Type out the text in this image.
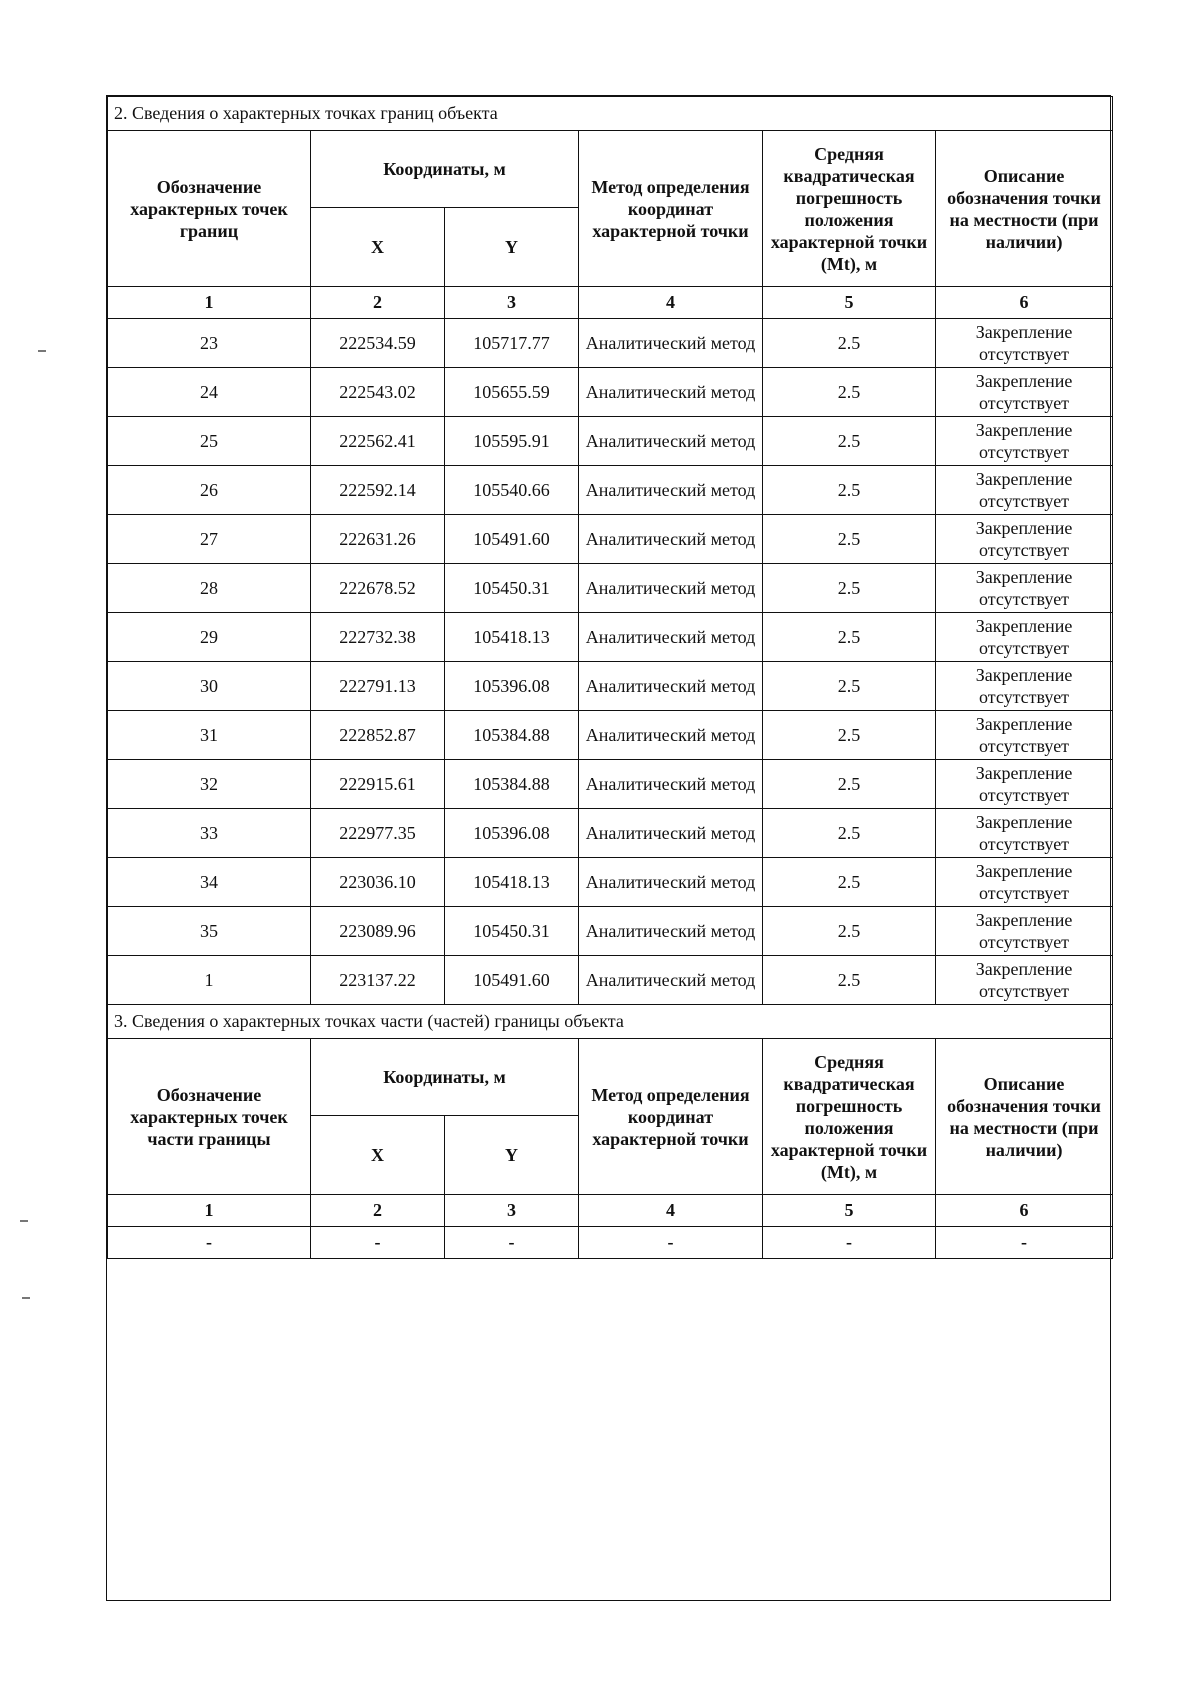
2. Сведения о характерных точках границ объекта					
Обозначение характерных точек границ	Координаты, м		Метод определения координат характерной точки	Средняя квадратическая погрешность положения характерной точки (Mt), м	Описание обозначения точки на местности (при наличии)
	X	Y			
1	2	3	4	5	6
23	222534.59	105717.77	Аналитический метод	2.5	Закрепление отсутствует
24	222543.02	105655.59	Аналитический метод	2.5	Закрепление отсутствует
25	222562.41	105595.91	Аналитический метод	2.5	Закрепление отсутствует
26	222592.14	105540.66	Аналитический метод	2.5	Закрепление отсутствует
27	222631.26	105491.60	Аналитический метод	2.5	Закрепление отсутствует
28	222678.52	105450.31	Аналитический метод	2.5	Закрепление отсутствует
29	222732.38	105418.13	Аналитический метод	2.5	Закрепление отсутствует
30	222791.13	105396.08	Аналитический метод	2.5	Закрепление отсутствует
31	222852.87	105384.88	Аналитический метод	2.5	Закрепление отсутствует
32	222915.61	105384.88	Аналитический метод	2.5	Закрепление отсутствует
33	222977.35	105396.08	Аналитический метод	2.5	Закрепление отсутствует
34	223036.10	105418.13	Аналитический метод	2.5	Закрепление отсутствует
35	223089.96	105450.31	Аналитический метод	2.5	Закрепление отсутствует
1	223137.22	105491.60	Аналитический метод	2.5	Закрепление отсутствует
3. Сведения о характерных точках части (частей) границы объекта					
Обозначение характерных точек части границы	Координаты, м		Метод определения координат характерной точки	Средняя квадратическая погрешность положения характерной точки (Mt), м	Описание обозначения точки на местности (при наличии)
	X	Y			
1	2	3	4	5	6
-	-	-	-	-	-
